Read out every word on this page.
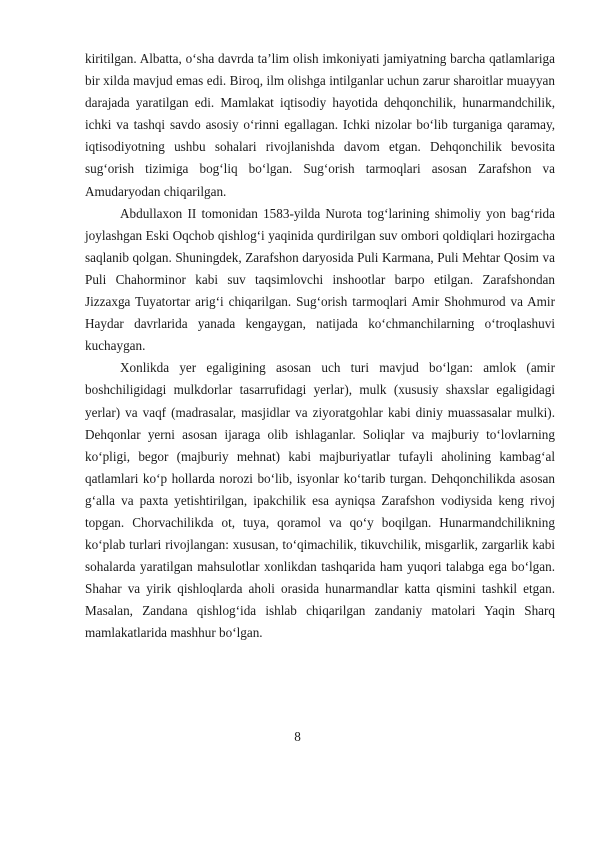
kiritilgan. Albatta, o‘sha davrda ta’lim olish imkoniyati jamiyatning barcha qatlamlariga bir xilda mavjud emas edi. Biroq, ilm olishga intilganlar uchun zarur sharoitlar muayyan darajada yaratilgan edi. Mamlakat iqtisodiy hayotida dehqonchilik, hunarmandchilik, ichki va tashqi savdo asosiy o‘rinni egallagan. Ichki nizolar bo‘lib turganiga qaramay, iqtisodiyotning ushbu sohalari rivojlanishda davom etgan. Dehqonchilik bevosita sug‘orish tizimiga bog‘liq bo‘lgan. Sug‘orish tarmoqlari asosan Zarafshon va Amudaryodan chiqarilgan.

Abdullaxon II tomonidan 1583-yilda Nurota tog‘larining shimoliy yon bag‘rida joylashgan Eski Oqchob qishlog‘i yaqinida qurdirilgan suv ombori qoldiqlari hozirgacha saqlanib qolgan. Shuningdek, Zarafshon daryosida Puli Karmana, Puli Mehtar Qosim va Puli Chahorminor kabi suv taqsimlovchi inshootlar barpo etilgan. Zarafshondan Jizzaxga Tuyatortar arig‘i chiqarilgan. Sug‘orish tarmoqlari Amir Shohmurod va Amir Haydar davrlarida yanada kengaygan, natijada ko‘chmanchilarning o‘troqlashuvi kuchaygan.

Xonlikda yer egaligining asosan uch turi mavjud bo‘lgan: amlok (amir boshchiligidagi mulkdorlar tasarrufidagi yerlar), mulk (xususiy shaxslar egaligidagi yerlar) va vaqf (madrasalar, masjidlar va ziyoratgohlar kabi diniy muassasalar mulki). Dehqonlar yerni asosan ijaraga olib ishlaganlar. Soliqlar va majburiy to‘lovlarning ko‘pligi, begor (majburiy mehnat) kabi majburiyatlar tufayli aholining kambag‘al qatlamlari ko‘p hollarda norozi bo‘lib, isyonlar ko‘tarib turgan. Dehqonchilikda asosan g‘alla va paxta yetishtirilgan, ipakchilik esa ayniqsa Zarafshon vodiysida keng rivoj topgan. Chorvachilikda ot, tuya, qoramol va qo‘y boqilgan. Hunarmandchilikning ko‘plab turlari rivojlangan: xususan, to‘qimachilik, tikuvchilik, misgarlik, zargarlik kabi sohalarda yaratilgan mahsulotlar xonlikdan tashqarida ham yuqori talabga ega bo‘lgan. Shahar va yirik qishloqlarda aholi orasida hunarmandlar katta qismini tashkil etgan. Masalan, Zandana qishlog‘ida ishlab chiqarilgan zandaniy matolari Yaqin Sharq mamlakatlarida mashhur bo‘lgan.

8
